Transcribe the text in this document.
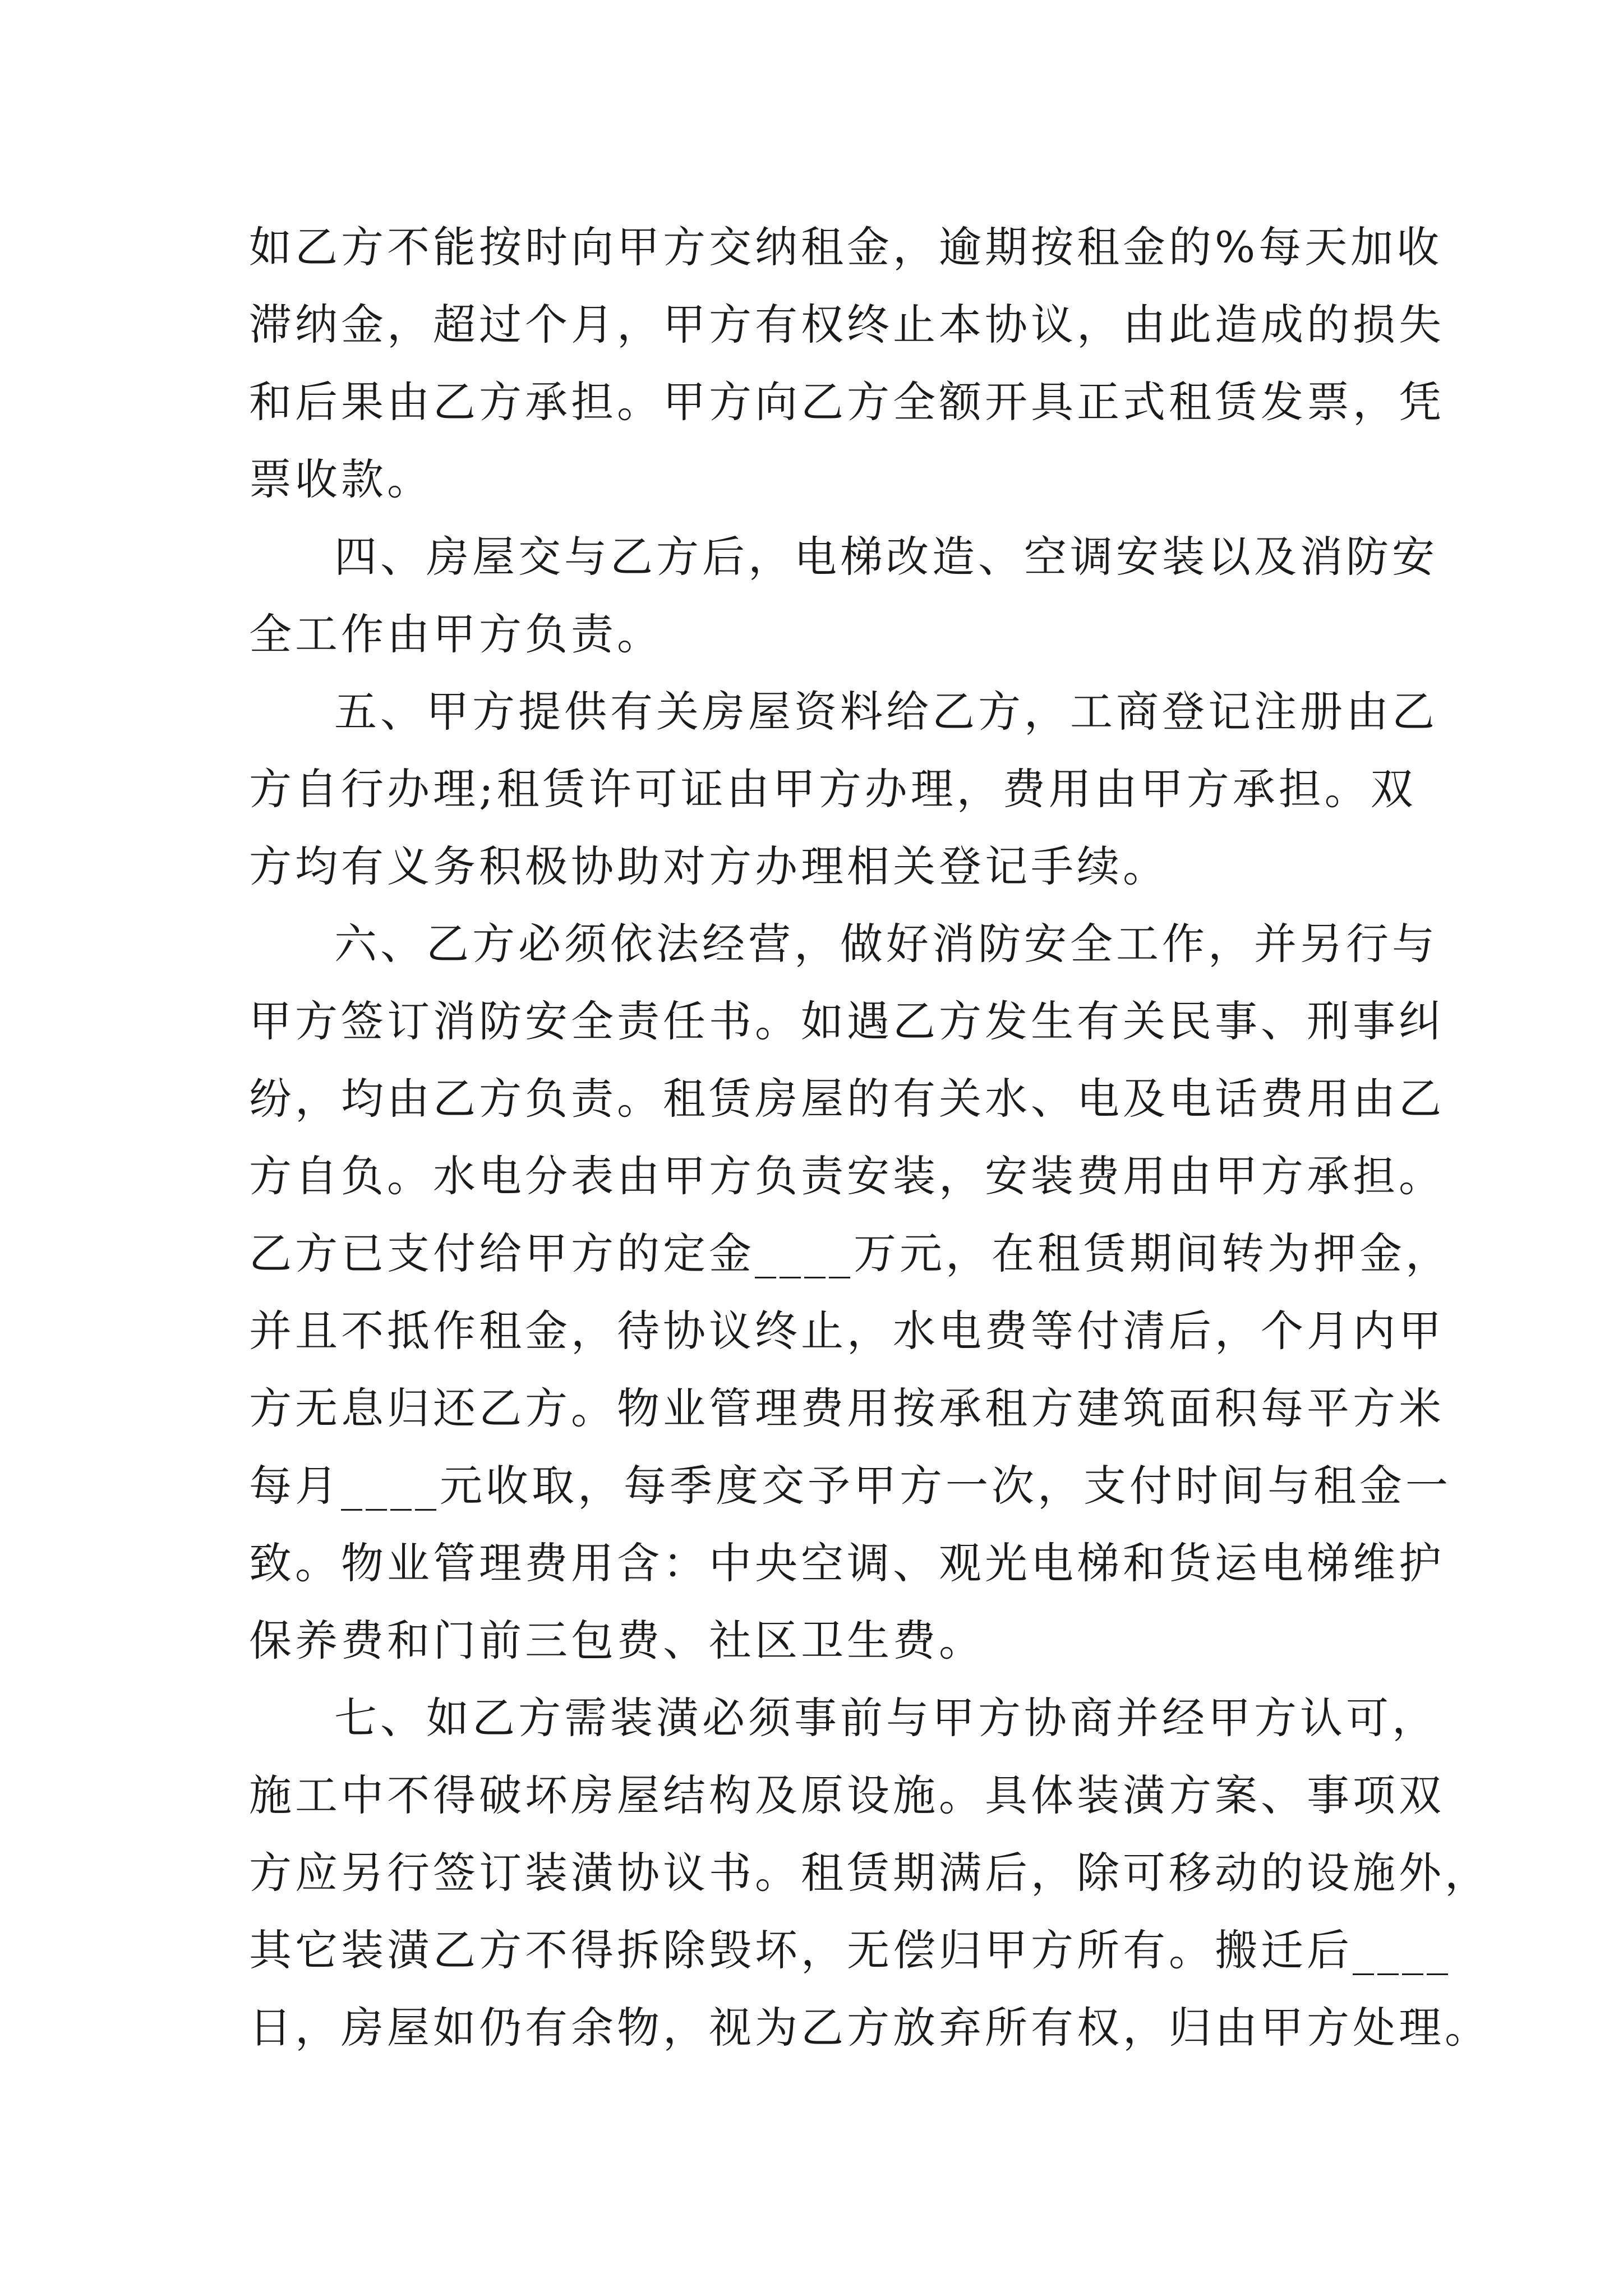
如乙方不能按时向甲方交纳租金，逾期按租金的%每天加收
滞纳金，超过个月，甲方有权终止本协议，由此造成的损失
和后果由乙方承担。甲方向乙方全额开具正式租赁发票，凭
票收款。
四、房屋交与乙方后，电梯改造、空调安装以及消防安
全工作由甲方负责。
五、甲方提供有关房屋资料给乙方，工商登记注册由乙
方自行办理;租赁许可证由甲方办理，费用由甲方承担。双
方均有义务积极协助对方办理相关登记手续。
六、乙方必须依法经营，做好消防安全工作，并另行与
甲方签订消防安全责任书。如遇乙方发生有关民事、刑事纠
纷，均由乙方负责。租赁房屋的有关水、电及电话费用由乙
方自负。水电分表由甲方负责安装，安装费用由甲方承担。
乙方已支付给甲方的定金____万元，在租赁期间转为押金，
并且不抵作租金，待协议终止，水电费等付清后，个月内甲
方无息归还乙方。物业管理费用按承租方建筑面积每平方米
每月____元收取，每季度交予甲方一次，支付时间与租金一
致。物业管理费用含：中央空调、观光电梯和货运电梯维护
保养费和门前三包费、社区卫生费。
七、如乙方需装潢必须事前与甲方协商并经甲方认可，
施工中不得破坏房屋结构及原设施。具体装潢方案、事项双
方应另行签订装潢协议书。租赁期满后，除可移动的设施外，
其它装潢乙方不得拆除毁坏，无偿归甲方所有。搬迁后____
日，房屋如仍有余物，视为乙方放弃所有权，归由甲方处理。
